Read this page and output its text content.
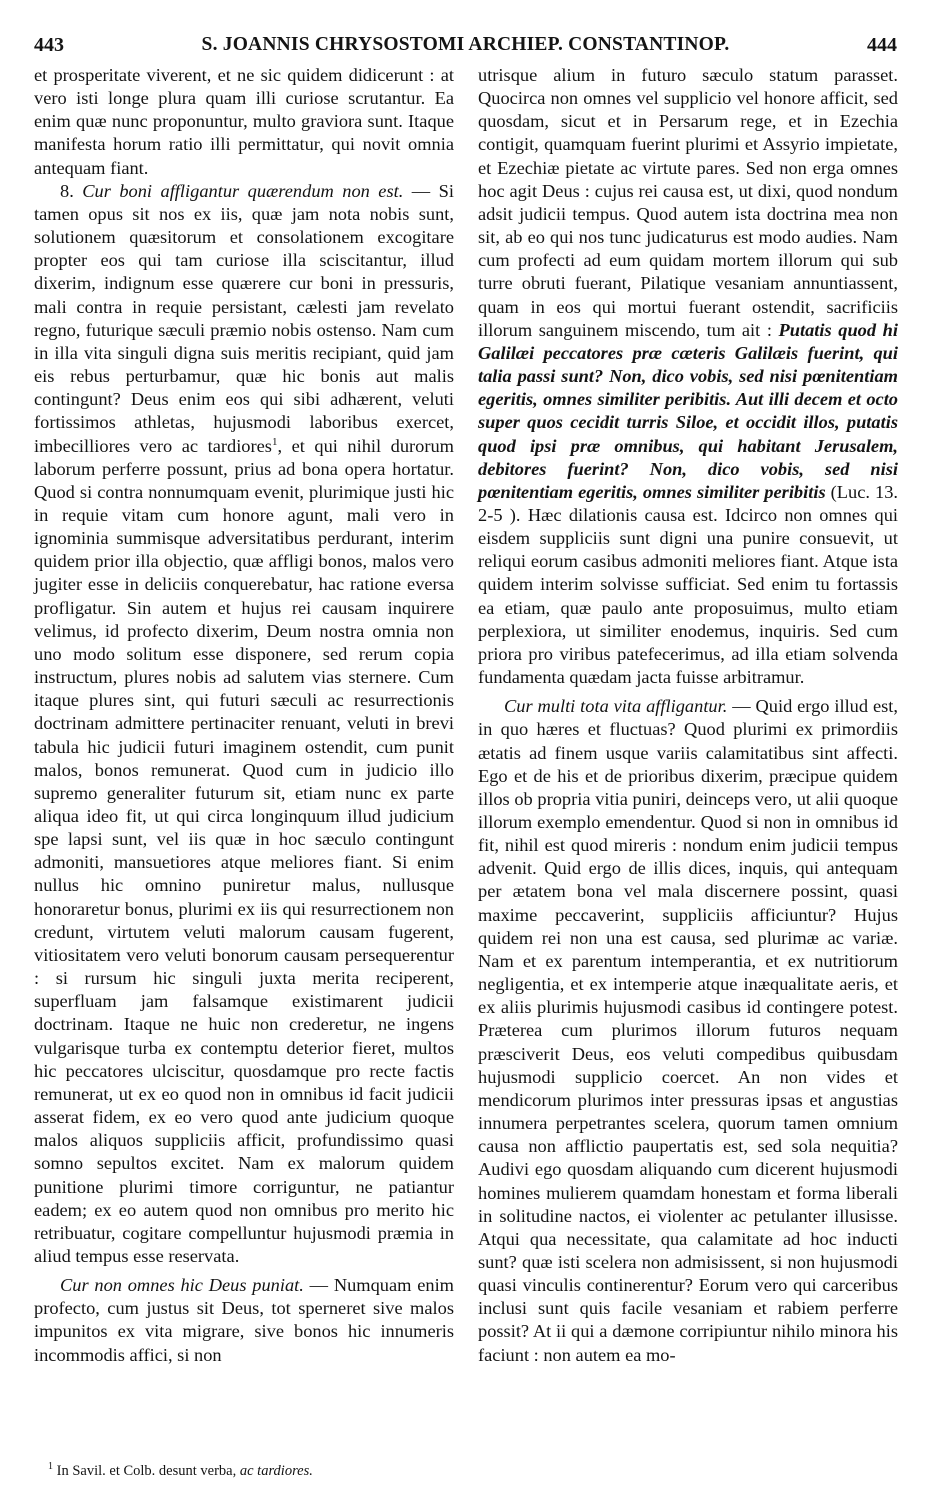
443	S. JOANNIS CHRYSOSTOMI ARCHIEP. CONSTANTINOP.	444

et prosperitate viverent, et ne sic quidem didicerunt : at vero isti longe plura quam illi curiose scrutantur. Ea enim quæ nunc proponuntur, multo graviora sunt. Itaque manifesta horum ratio illi permittatur, qui novit omnia antequam fiant.

8. Cur boni affligantur quærendum non est. — Si tamen opus sit nos ex iis, quæ jam nota nobis sunt, solutionem quæsitorum et consolationem excogitare propter eos qui tam curiose illa sciscitantur, illud dixerim, indignum esse quærere cur boni in pressuris, mali contra in requie persistant, cælesti jam revelato regno, futurique sæculi præmio nobis ostenso. Nam cum in illa vita singuli digna suis meritis recipiant, quid jam eis rebus perturbamur, quæ hic bonis aut malis contingunt? Deus enim eos qui sibi adhærent, veluti fortissimos athletas, hujusmodi laboribus exercet, imbecilliores vero ac tardiores$^1$, et qui nihil durorum laborum perferre possunt, prius ad bona opera hortatur. Quod si contra nonnumquam evenit, plurimique justi hic in requie vitam cum honore agunt, mali vero in ignominia summisque adversitatibus perdurant, interim quidem prior illa objectio, quæ affligi bonos, malos vero jugiter esse in deliciis conquerebatur, hac ratione eversa profligatur. Sin autem et hujus rei causam inquirere velimus, id profecto dixerim, Deum nostra omnia non uno modo solitum esse disponere, sed rerum copia instructum, plures nobis ad salutem vias sternere. Cum itaque plures sint, qui futuri sæculi ac resurrectionis doctrinam admittere pertinaciter renuant, veluti in brevi tabula hic judicii futuri imaginem ostendit, cum punit malos, bonos remunerat. Quod cum in judicio illo supremo generaliter futurum sit, etiam nunc ex parte aliqua ideo fit, ut qui circa longinquum illud judicium spe lapsi sunt, vel iis quæ in hoc sæculo contingunt admoniti, mansuetiores atque meliores fiant. Si enim nullus hic omnino puniretur malus, nullusque honoraretur bonus, plurimi ex iis qui resurrectionem non credunt, virtutem veluti malorum causam fugerent, vitiositatem vero veluti bonorum causam persequerentur : si rursum hic singuli juxta merita reciperent, superfluam jam falsamque existimarent judicii doctrinam. Itaque ne huic non crederetur, ne ingens vulgarisque turba ex contemptu deterior fieret, multos hic peccatores ulciscitur, quosdamque pro recte factis remunerat, ut ex eo quod non in omnibus id facit judicii asserat fidem, ex eo vero quod ante judicium quoque malos aliquos suppliciis afficit, profundissimo quasi somno sepultos excitet. Nam ex malorum quidem punitione plurimi timore corriguntur, ne patiantur eadem; ex eo autem quod non omnibus pro merito hic retribuatur, cogitare compelluntur hujusmodi præmia in aliud tempus esse reservata.

Cur non omnes hic Deus puniat. — Numquam enim profecto, cum justus sit Deus, tot sperneret sive malos impunitos ex vita migrare, sive bonos hic innumeris incommodis affici, si non

utrisque alium in futuro sæculo statum parasset. Quocirca non omnes vel supplicio vel honore afficit, sed quosdam, sicut et in Persarum rege, et in Ezechia contigit, quamquam fuerint plurimi et Assyrio impietate, et Ezechiæ pietate ac virtute pares. Sed non erga omnes hoc agit Deus : cujus rei causa est, ut dixi, quod nondum adsit judicii tempus. Quod autem ista doctrina mea non sit, ab eo qui nos tunc judicaturus est modo audies. Nam cum profecti ad eum quidam mortem illorum qui sub turre obruti fuerant, Pilatique vesaniam annuntiassent, quam in eos qui mortui fuerant ostendit, sacrificiis illorum sanguinem miscendo, tum ait : Putatis quod hi Galilæi peccatores præ cæteris Galilæis fuerint, qui talia passi sunt? Non, dico vobis, sed nisi pœnitentiam egeritis, omnes similiter peribitis. Aut illi decem et octo super quos cecidit turris Siloe, et occidit illos, putatis quod ipsi præ omnibus, qui habitant Jerusalem, debitores fuerint? Non, dico vobis, sed nisi pœnitentiam egeritis, omnes similiter peribitis (Luc. 13. 2-5 ). Hæc dilationis causa est. Idcirco non omnes qui eisdem suppliciis sunt digni una punire consuevit, ut reliqui eorum casibus admoniti meliores fiant. Atque ista quidem interim solvisse sufficiat. Sed enim tu fortassis ea etiam, quæ paulo ante proposuimus, multo etiam perplexiora, ut similiter enodemus, inquiris. Sed cum priora pro viribus patefecerimus, ad illa etiam solvenda fundamenta quædam jacta fuisse arbitramur.

Cur multi tota vita affligantur. — Quid ergo illud est, in quo hæres et fluctuas? Quod plurimi ex primordiis ætatis ad finem usque variis calamitatibus sint affecti. Ego et de his et de prioribus dixerim, præcipue quidem illos ob propria vitia puniri, deinceps vero, ut alii quoque illorum exemplo emendentur. Quod si non in omnibus id fit, nihil est quod mireris : nondum enim judicii tempus advenit. Quid ergo de illis dices, inquis, qui antequam per ætatem bona vel mala discernere possint, quasi maxime peccaverint, suppliciis afficiuntur? Hujus quidem rei non una est causa, sed plurimæ ac variæ. Nam et ex parentum intemperantia, et ex nutritiorum negligentia, et ex intemperie atque inæqualitate aeris, et ex aliis plurimis hujusmodi casibus id contingere potest. Præterea cum plurimos illorum futuros nequam præsciverit Deus, eos veluti compedibus quibusdam hujusmodi supplicio coercet. An non vides et mendicorum plurimos inter pressuras ipsas et angustias innumera perpetrantes scelera, quorum tamen omnium causa non afflictio paupertatis est, sed sola nequitia? Audivi ego quosdam aliquando cum dicerent hujusmodi homines mulierem quamdam honestam et forma liberali in solitudine nactos, ei violenter ac petulanter illusisse. Atqui qua necessitate, qua calamitate ad hoc inducti sunt? quæ isti scelera non admisissent, si non hujusmodi quasi vinculis continerentur? Eorum vero qui carceribus inclusi sunt quis facile vesaniam et rabiem perferre possit? At ii qui a dæmone corripiuntur nihilo minora his faciunt : non autem ea mo-

$^1$ In Savil. et Colb. desunt verba, ac tardiores.
